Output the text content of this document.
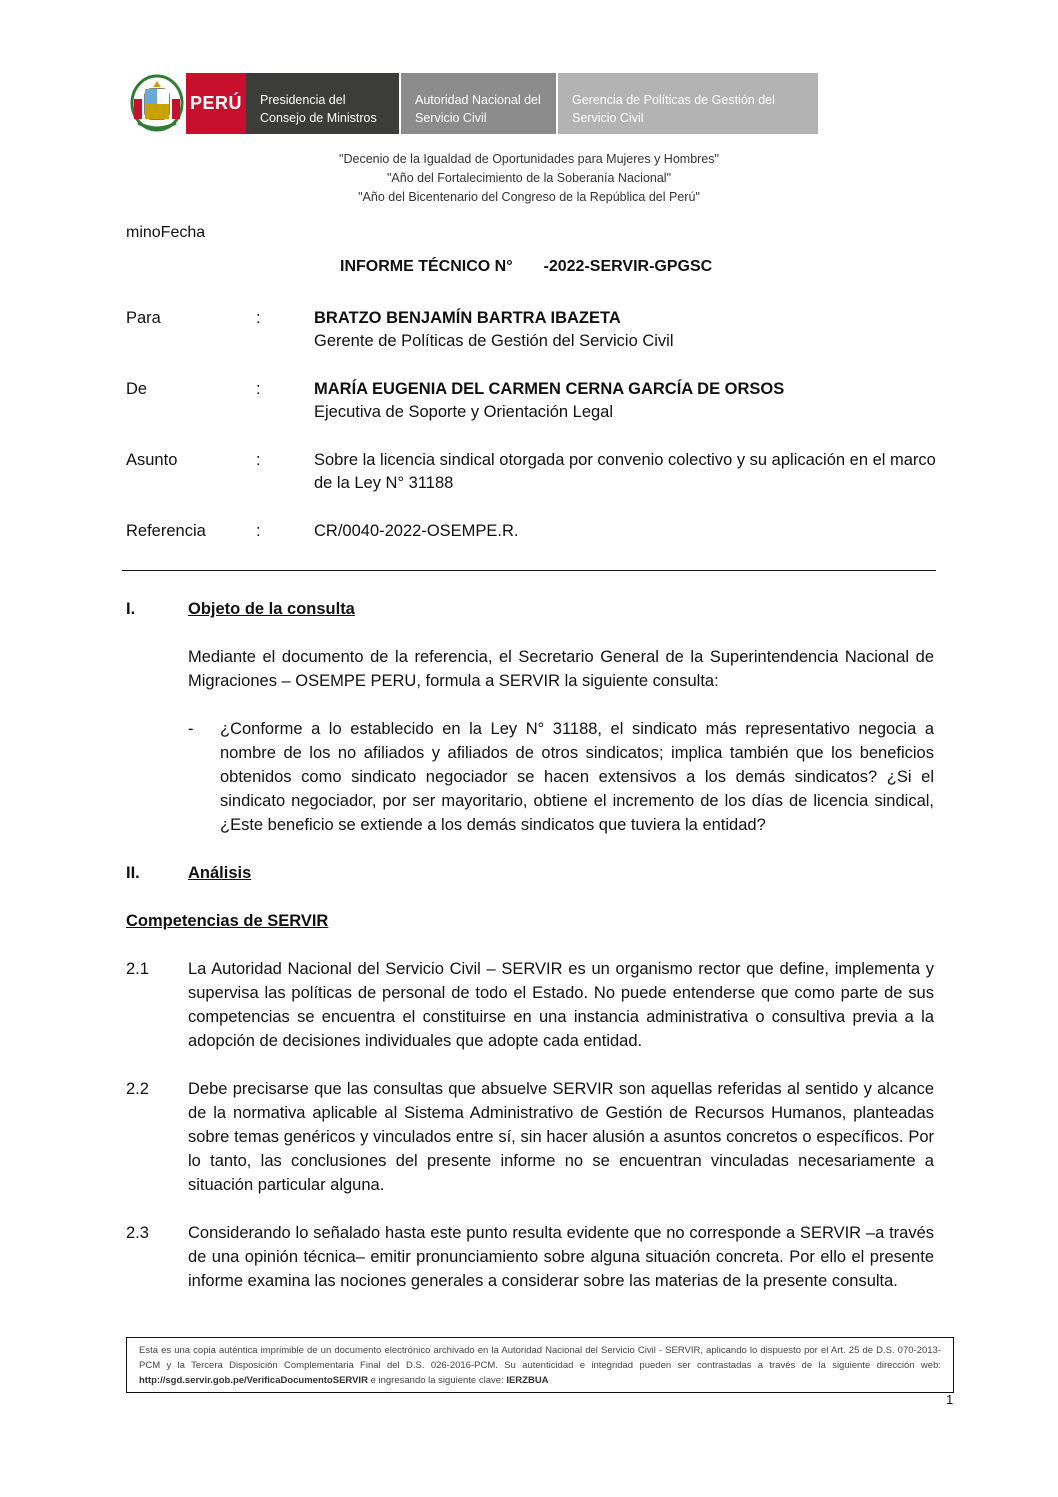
PERÚ	Presidencia del Consejo de Ministros
Autoridad Nacional del Servicio Civil
Gerencia de Políticas de Gestión del Servicio Civil
"Decenio de la Igualdad de Oportunidades para Mujeres y Hombres"
"Año del Fortalecimiento de la Soberanía Nacional"
"Año del Bicentenario del Congreso de la República del Perú"
minoFecha
INFORME TÉCNICO N° -2022-SERVIR-GPGSC
Para	:	BRATZO BENJAMÍN BARTRA IBAZETA
Gerente de Políticas de Gestión del Servicio Civil
De	:	MARÍA EUGENIA DEL CARMEN CERNA GARCÍA DE ORSOS
Ejecutiva de Soporte y Orientación Legal
Asunto	:	Sobre la licencia sindical otorgada por convenio colectivo y su aplicación en el marco de la Ley N° 31188
Referencia	:	CR/0040-2022-OSEMPE.R.
I.	Objeto de la consulta
Mediante el documento de la referencia, el Secretario General de la Superintendencia Nacional de Migraciones – OSEMPE PERU, formula a SERVIR la siguiente consulta:
-	¿Conforme a lo establecido en la Ley N° 31188, el sindicato más representativo negocia a nombre de los no afiliados y afiliados de otros sindicatos; implica también que los beneficios obtenidos como sindicato negociador se hacen extensivos a los demás sindicatos? ¿Si el sindicato negociador, por ser mayoritario, obtiene el incremento de los días de licencia sindical, ¿Este beneficio se extiende a los demás sindicatos que tuviera la entidad?
II.	Análisis
Competencias de SERVIR
2.1	La Autoridad Nacional del Servicio Civil – SERVIR es un organismo rector que define, implementa y supervisa las políticas de personal de todo el Estado. No puede entenderse que como parte de sus competencias se encuentra el constituirse en una instancia administrativa o consultiva previa a la adopción de decisiones individuales que adopte cada entidad.
2.2	Debe precisarse que las consultas que absuelve SERVIR son aquellas referidas al sentido y alcance de la normativa aplicable al Sistema Administrativo de Gestión de Recursos Humanos, planteadas sobre temas genéricos y vinculados entre sí, sin hacer alusión a asuntos concretos o específicos. Por lo tanto, las conclusiones del presente informe no se encuentran vinculadas necesariamente a situación particular alguna.
2.3	Considerando lo señalado hasta este punto resulta evidente que no corresponde a SERVIR –a través de una opinión técnica– emitir pronunciamiento sobre alguna situación concreta. Por ello el presente informe examina las nociones generales a considerar sobre las materias de la presente consulta.
Esta es una copia auténtica imprimible de un documento electrónico archivado en la Autoridad Nacional del Servicio Civil - SERVIR, aplicando lo dispuesto por el Art. 25 de D.S. 070-2013-PCM y la Tercera Disposición Complementaria Final del D.S. 026-2016-PCM. Su autenticidad e integridad pueden ser contrastadas a través de la siguiente dirección web: http://sgd.servir.gob.pe/VerificaDocumentoSERVIR e ingresando la siguiente clave: IERZBUA
1
